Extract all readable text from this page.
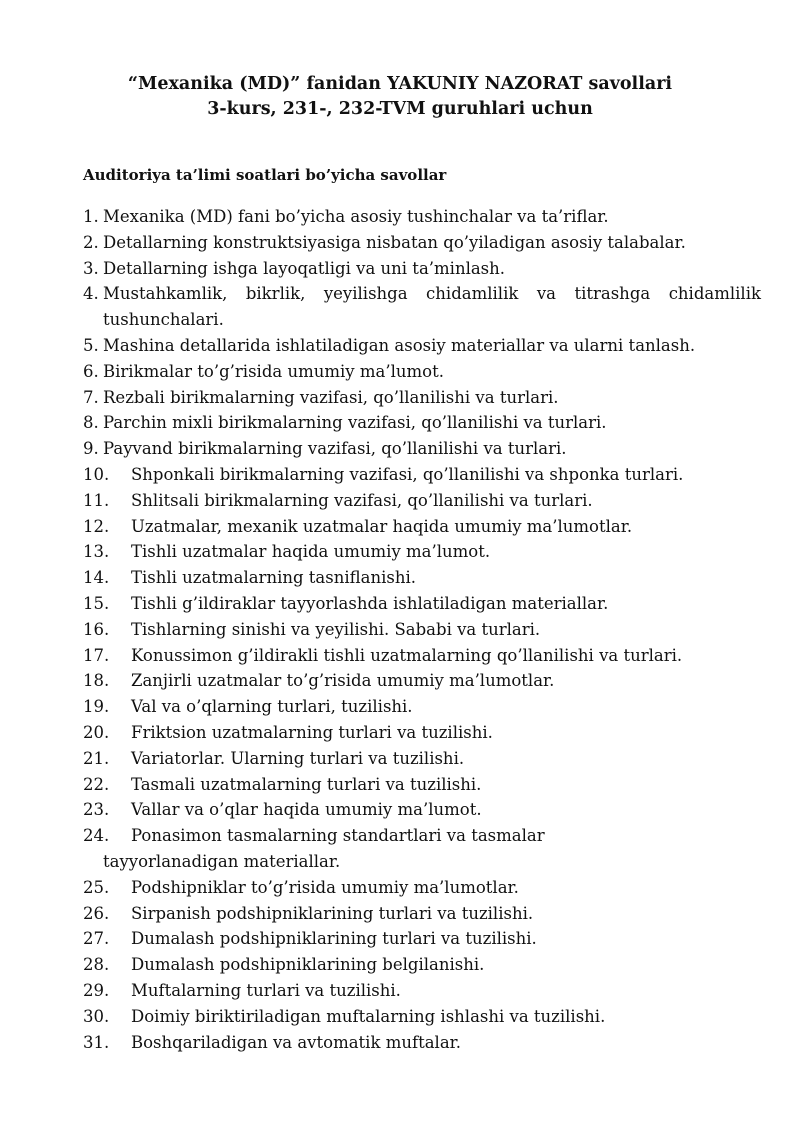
“Mexanika (MD)” fanidan YAKUNIY NAZORAT savollari
3-kurs, 231-, 232-TVM guruhlari uchun
Auditoriya ta’limi soatlari bo’yicha savollar
1. Mexanika (MD) fani bo’yicha asosiy tushinchalar va ta’riflar.
2. Detallarning konstruktsiyasiga nisbatan qo’yiladigan asosiy talabalar.
3. Detallarning ishga layoqatligi va uni ta’minlash.
4. Mustahkamlik, bikrlik, yeyilishga chidamlilik va titrashga chidamlilik tushunchalari.
5. Mashina detallarida ishlatiladigan asosiy materiallar va ularni tanlash.
6. Birikmalar to’g’risida umumiy ma’lumot.
7. Rezbali birikmalarning vazifasi, qo’llanilishi va turlari.
8. Parchin mixli birikmalarning vazifasi, qo’llanilishi va turlari.
9. Payvand birikmalarning vazifasi, qo’llanilishi va turlari.
10. Shponkali birikmalarning vazifasi, qo’llanilishi va shponka turlari.
11. Shlitsali birikmalarning vazifasi, qo’llanilishi va turlari.
12. Uzatmalar, mexanik uzatmalar haqida umumiy ma’lumotlar.
13. Tishli uzatmalar haqida umumiy ma’lumot.
14. Tishli uzatmalarning tasniflanishi.
15. Tishli g’ildiraklar tayyorlashda ishlatiladigan materiallar.
16. Tishlarning sinishi va yeyilishi. Sababi va turlari.
17. Konussimon g’ildirakli tishli uzatmalarning qo’llanilishi va turlari.
18. Zanjirli uzatmalar to’g’risida umumiy ma’lumotlar.
19. Val va o’qlarning turlari, tuzilishi.
20. Friktsion uzatmalarning turlari va tuzilishi.
21. Variatorlar. Ularning turlari va tuzilishi.
22. Tasmali uzatmalarning turlari va tuzilishi.
23. Vallar va o’qlar haqida umumiy ma’lumot.
24.	Ponasimon tasmalarning standartlari va tasmalar
tayyorlanadigan materiallar.
25. Podshipniklar to’g’risida umumiy ma’lumotlar.
26. Sirpanish podshipniklarining turlari va tuzilishi.
27. Dumalash podshipniklarining turlari va tuzilishi.
28. Dumalash podshipniklarining belgilanishi.
29. Muftalarning turlari va tuzilishi.
30. Doimiy biriktiriladigan muftalarning ishlashi va tuzilishi.
31. Boshqariladigan va avtomatik muftalar.
